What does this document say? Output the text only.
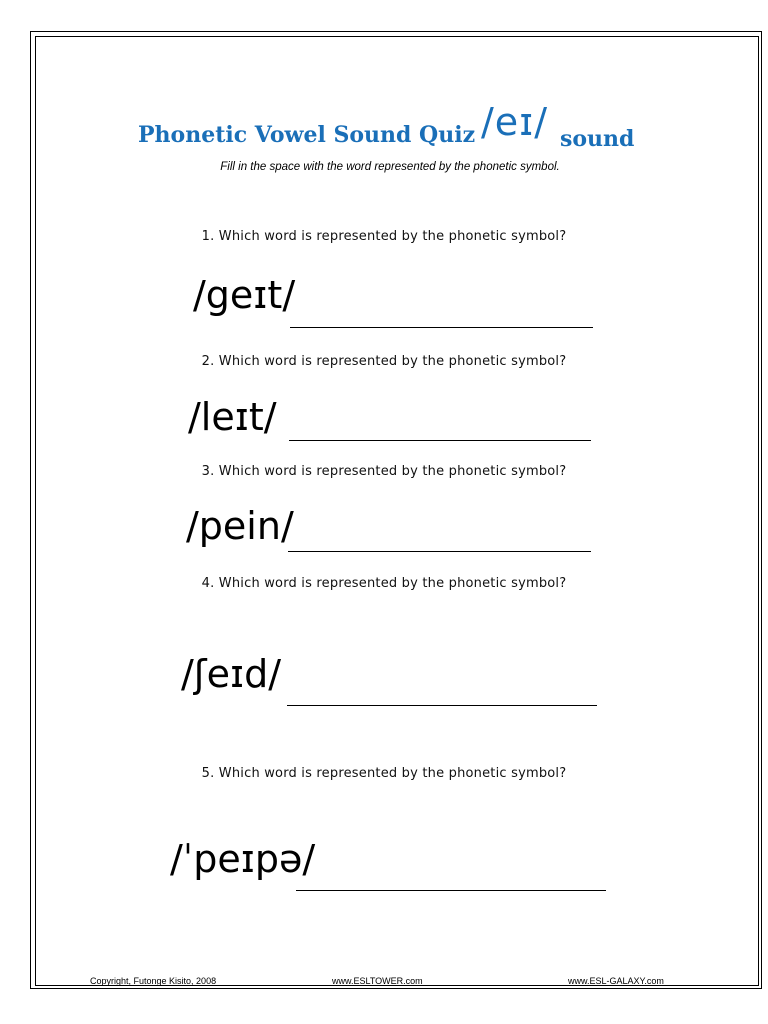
Phonetic Vowel Sound Quiz /eɪ/ sound
Fill in the space with the word represented by the phonetic symbol.
1. Which word is represented by the phonetic symbol?
/geɪt/
2. Which word is represented by the phonetic symbol?
/leɪt/
3. Which word is represented by the phonetic symbol?
/pein/
4. Which word is represented by the phonetic symbol?
/ʃeɪd/
5. Which word is represented by the phonetic symbol?
/ˈpeɪpə/
Copyright, Futonge Kisito, 2008	www.ESLTOWER.com	www.ESL-GALAXY.com
